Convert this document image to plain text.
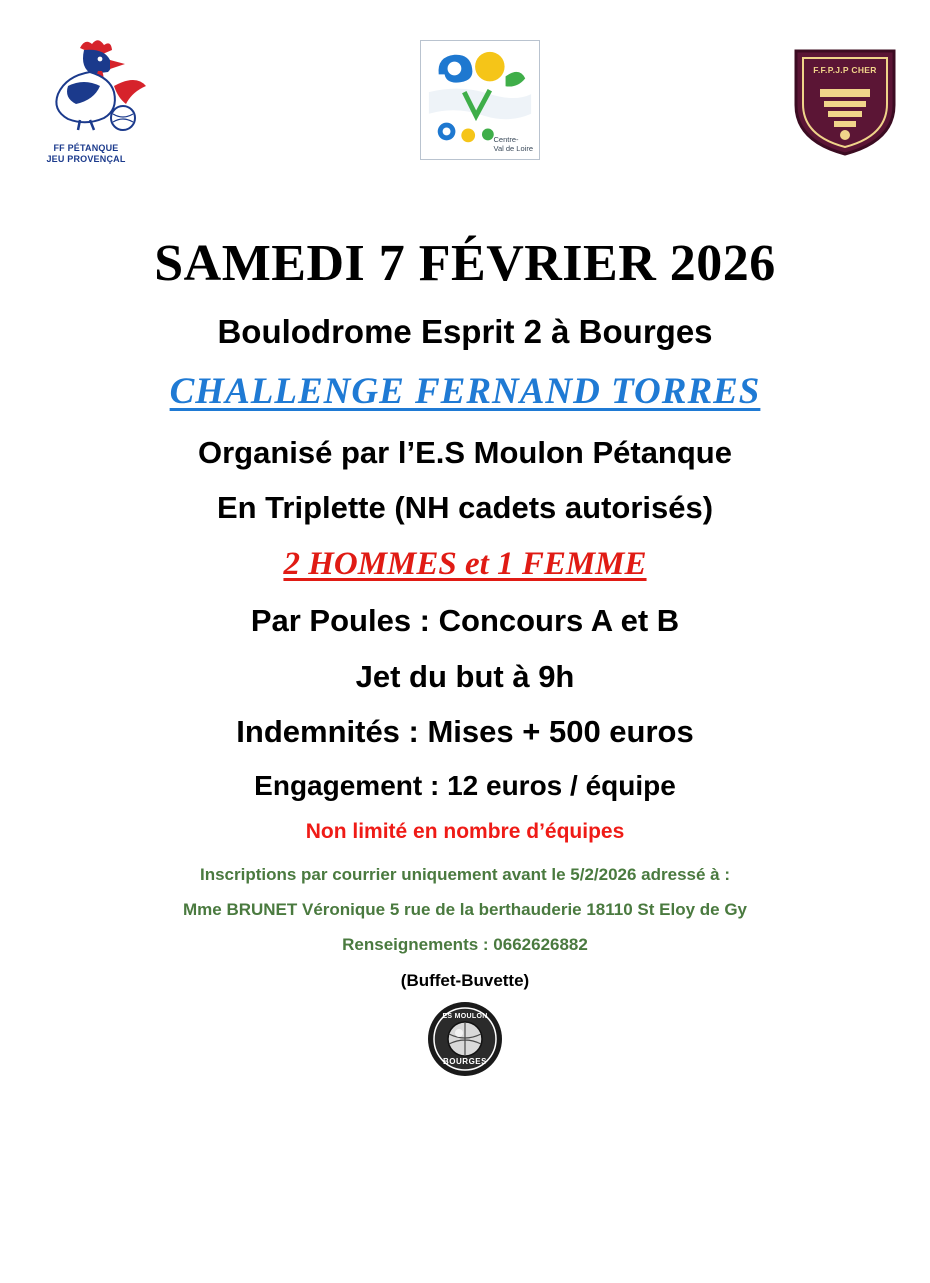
FF PÉTANQUE
JEU PROVENÇAL
Centre-
Val de Loire
F.F.P.J.P CHER
SAMEDI 7 FÉVRIER 2026
Boulodrome Esprit 2 à Bourges
CHALLENGE FERNAND TORRES
Organisé par l’E.S Moulon Pétanque
En Triplette (NH cadets autorisés)
2 HOMMES et 1 FEMME
Par Poules : Concours A et B
Jet du but à 9h
Indemnités : Mises + 500 euros
Engagement : 12 euros / équipe
Non limité en nombre d’équipes
Inscriptions par courrier uniquement avant le 5/2/2026 adressé à :
Mme BRUNET Véronique 5 rue de la berthauderie 18110 St Eloy de Gy
Renseignements : 0662626882
(Buffet-Buvette)
ES MOULON
BOURGES
